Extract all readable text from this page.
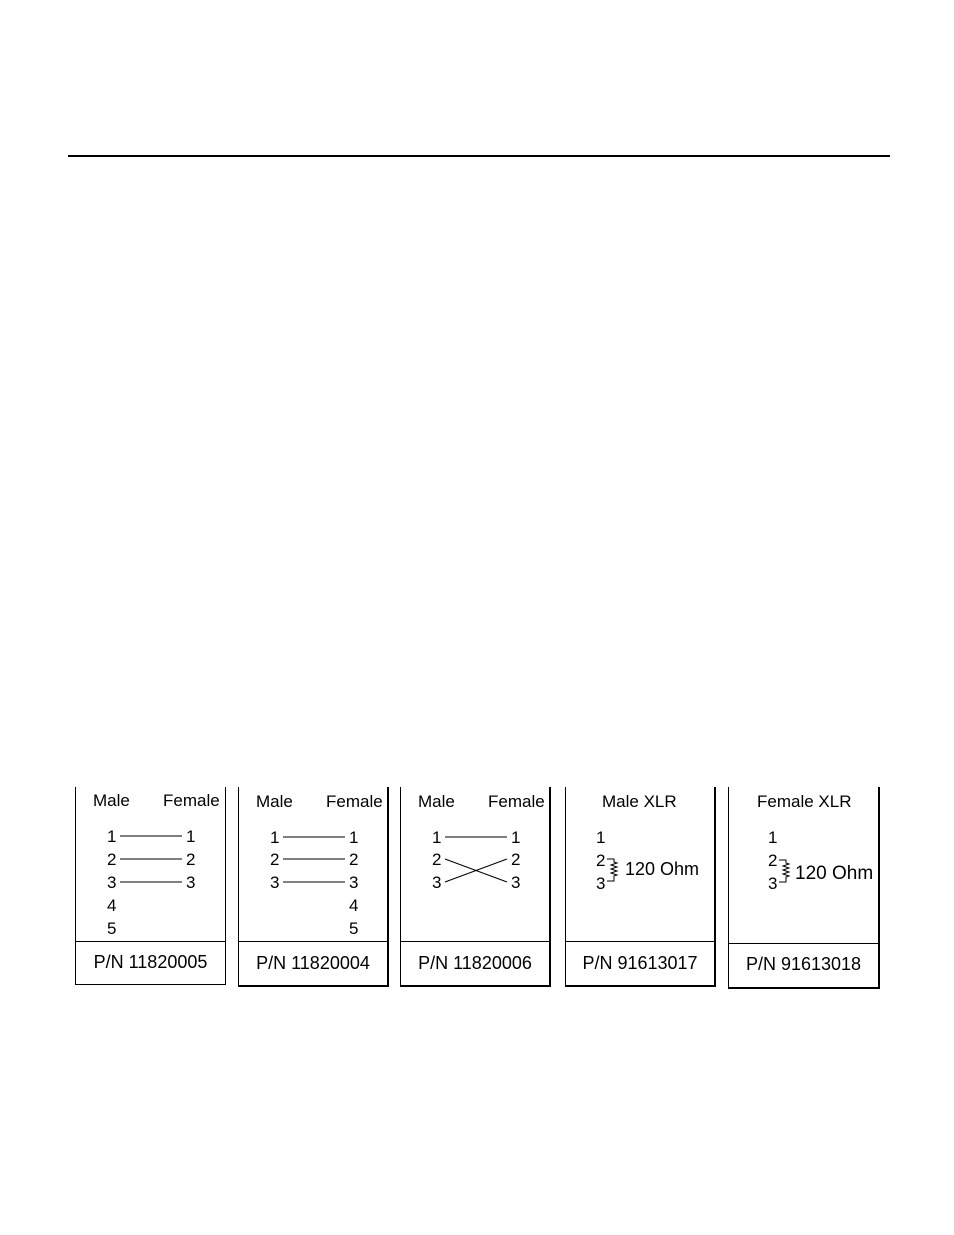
Male Female
1
2
3
4
5
1
2
3
P/N 11820005
Male Female
1
2
3
1
2
3
4
5
P/N 11820004
Male Female
1
2
3
1
2
3
P/N 11820006
Male XLR
1
2
3
120 Ohm
P/N 91613017
Female XLR
1
2
3 120 Ohm
P/N 91613018
